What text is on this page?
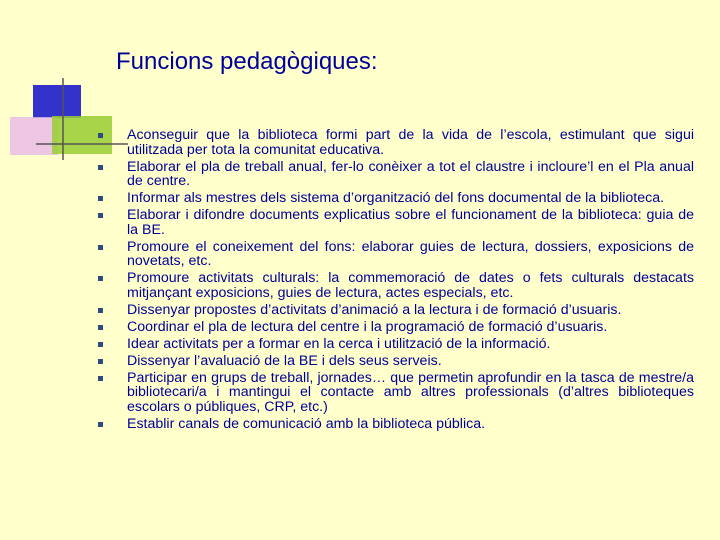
Funcions pedagògiques:
Aconseguir que la biblioteca formi part de la vida de l’escola, estimulant que sigui utilitzada per tota la comunitat educativa.
Elaborar el pla de treball anual, fer-lo conèixer a tot el claustre i incloure’l en el Pla anual de centre.
Informar als mestres dels sistema d’organització del fons documental de la biblioteca.
Elaborar i difondre documents explicatius sobre el funcionament de la biblioteca: guia de la BE.
Promoure el coneixement del fons: elaborar guies de lectura, dossiers, exposicions de novetats, etc.
Promoure activitats culturals: la commemoració de dates o fets culturals destacats mitjançant exposicions, guies de lectura, actes especials, etc.
Dissenyar propostes d’activitats d’animació a la lectura i de formació d’usuaris.
Coordinar el pla de lectura del centre i la programació de formació d’usuaris.
Idear activitats per a formar en la cerca i utilització de la informació.
Dissenyar l’avaluació de la BE i dels seus serveis.
Participar en grups de treball, jornades… que permetin aprofundir en la tasca de mestre/a bibliotecari/a i mantingui el contacte amb altres professionals (d’altres biblioteques escolars o públiques, CRP, etc.)
Establir canals de comunicació amb la biblioteca pública.
